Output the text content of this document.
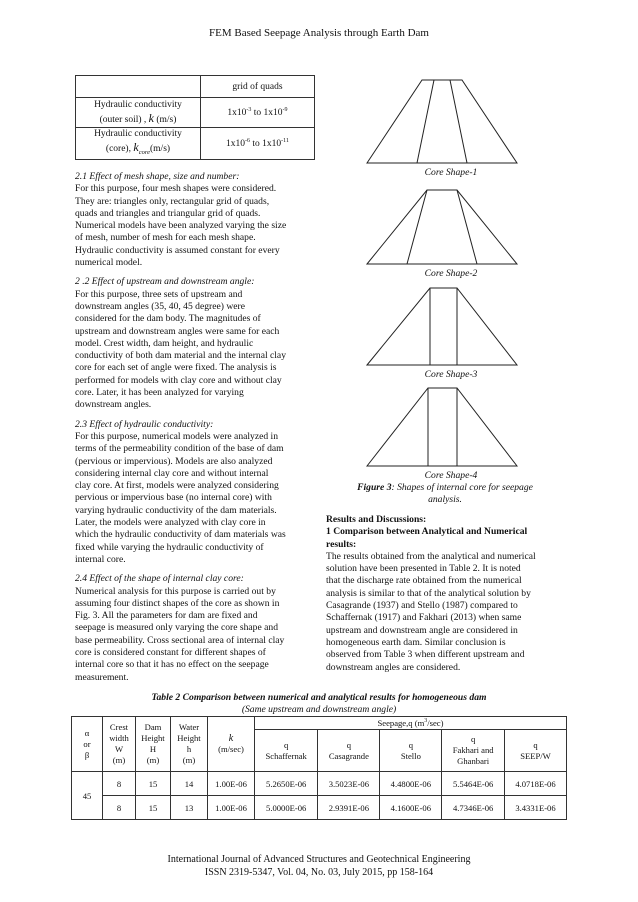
FEM Based Seepage Analysis through Earth Dam
	grid of quads
Hydraulic conductivity
(outer soil) , k (m/s)	$1x10^{-3}$ to $1x10^{-9}$
Hydraulic conductivity
(core), $k_{core}(m/s)$	$1x10^{-6}$ to $1x10^{-11}$
2.1 Effect of mesh shape, size and number:
For this purpose, four mesh shapes were considered.
They are: triangles only, rectangular grid of quads,
quads and triangles and triangular grid of quads.
Numerical models have been analyzed varying the size
of mesh, number of mesh for each mesh shape.
Hydraulic conductivity is assumed constant for every
numerical model.
2 .2 Effect of upstream and downstream angle:
For this purpose, three sets of upstream and
downstream angles (35, 40, 45 degree) were
considered for the dam body. The magnitudes of
upstream and downstream angles were same for each
model. Crest width, dam height, and hydraulic
conductivity of both dam material and the internal clay
core for each set of angle were fixed. The analysis is
performed for models with clay core and without clay
core. Later, it has been analyzed for varying
downstream angles.
2.3 Effect of hydraulic conductivity:
For this purpose, numerical models were analyzed in
terms of the permeability condition of the base of dam
(pervious or impervious). Models are also analyzed
considering internal clay core and without internal
clay core. At first, models were analyzed considering
pervious or impervious base (no internal core) with
varying hydraulic conductivity of the dam materials.
Later, the models were analyzed with clay core in
which the hydraulic conductivity of dam materials was
fixed while varying the hydraulic conductivity of
internal core.
2.4 Effect of the shape of internal clay core:
Numerical analysis for this purpose is carried out by
assuming four distinct shapes of the core as shown in
Fig. 3. All the parameters for dam are fixed and
seepage is measured only varying the core shape and
base permeability. Cross sectional area of internal clay
core is considered constant for different shapes of
internal core so that it has no effect on the seepage
measurement.
Core Shape-1
Core Shape-2
Core Shape-3
Core Shape-4
Figure 3: Shapes of internal core for seepage
analysis.
Results and Discussions:
1 Comparison between Analytical and Numerical
results:
The results obtained from the analytical and numerical
solution have been presented in Table 2. It is noted
that the discharge rate obtained from the numerical
analysis is similar to that of the analytical solution by
Casagrande (1937) and Stello (1987) compared to
Schaffernak (1917) and Fakhari (2013) when same
upstream and downstream angle are considered in
homogeneous earth dam. Similar conclusion is
observed from Table 3 when different upstream and
downstream angles are considered.
Table 2 Comparison between numerical and analytical results for homogeneous dam
(Same upstream and downstream angle)
α
or
β	Crest
width
W
(m)	Dam
Height
H
(m)	Water
Height
h
(m)	k
(m/sec)	Seepage,q $(m^3/\sec)$				
					q
Schaffernak	q
Casagrande	q
Stello	q
Fakhari and
Ghanbari	q
SEEP/W
45	8	15	14	1.00E-06	5.2650E-06	3.5023E-06	4.4800E-06	5.5464E-06	4.0718E-06
	8	15	13	1.00E-06	5.0000E-06	2.9391E-06	4.1600E-06	4.7346E-06	3.4331E-06
International Journal of Advanced Structures and Geotechnical Engineering
ISSN 2319-5347, Vol. 04, No. 03, July 2015, pp 158-164
